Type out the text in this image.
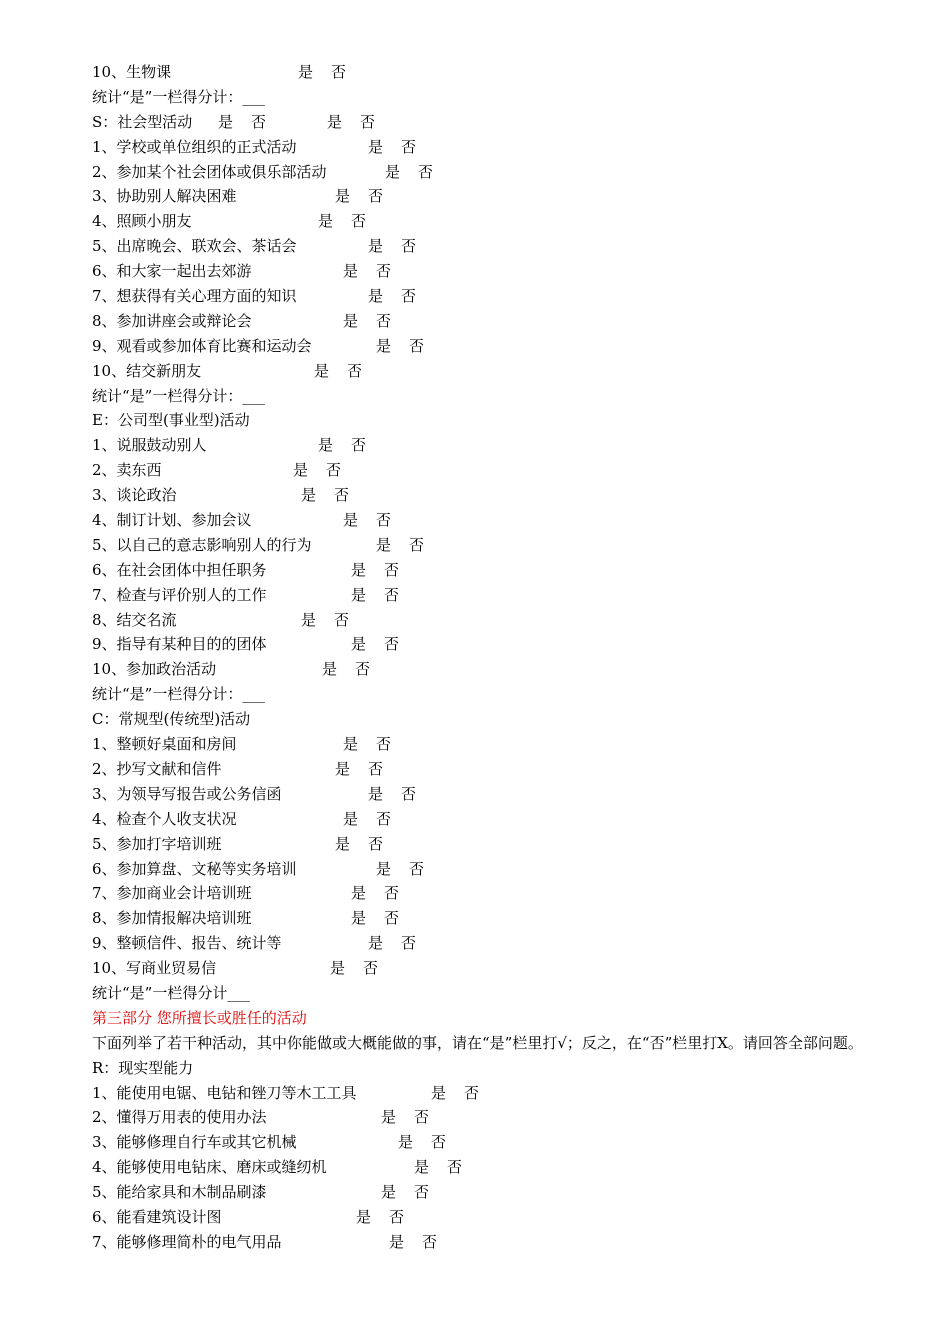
10、生物课	是 否
统计“是”一栏得分计：___
S：社会型活动 是 否	是 否
1、学校或单位组织的正式活动	是 否
2、参加某个社会团体或俱乐部活动	是 否
3、协助别人解决困难	是 否
4、照顾小朋友	是 否
5、出席晚会、联欢会、茶话会	是 否
6、和大家一起出去郊游	是 否
7、想获得有关心理方面的知识	是 否
8、参加讲座会或辩论会	是 否
9、观看或参加体育比赛和运动会	是 否
10、结交新朋友	是 否
统计“是”一栏得分计：___
E：公司型(事业型)活动
1、说服鼓动别人	是 否
2、卖东西	是 否
3、谈论政治	是 否
4、制订计划、参加会议	是 否
5、以自己的意志影响别人的行为	是 否
6、在社会团体中担任职务	是 否
7、检查与评价别人的工作	是 否
8、结交名流	是 否
9、指导有某种目的的团体	是 否
10、参加政治活动	是 否
统计“是”一栏得分计：___
C：常规型(传统型)活动
1、整顿好桌面和房间	是 否
2、抄写文献和信件	是 否
3、为领导写报告或公务信函	是 否
4、检查个人收支状况	是 否
5、参加打字培训班	是 否
6、参加算盘、文秘等实务培训	是 否
7、参加商业会计培训班	是 否
8、参加情报解决培训班	是 否
9、整顿信件、报告、统计等	是 否
10、写商业贸易信	是 否
统计“是”一栏得分计___
第三部分 您所擅长或胜任的活动
下面列举了若干种活动，其中你能做或大概能做的事，请在“是”栏里打√；反之，在“否”栏里打X。请回答全部问题。
R：现实型能力
1、能使用电锯、电钻和锉刀等木工工具	是 否
2、懂得万用表的使用办法	是 否
3、能够修理自行车或其它机械	是 否
4、能够使用电钻床、磨床或缝纫机	是 否
5、能给家具和木制品刷漆	是 否
6、能看建筑设计图	是 否
7、能够修理简朴的电气用品	是 否
